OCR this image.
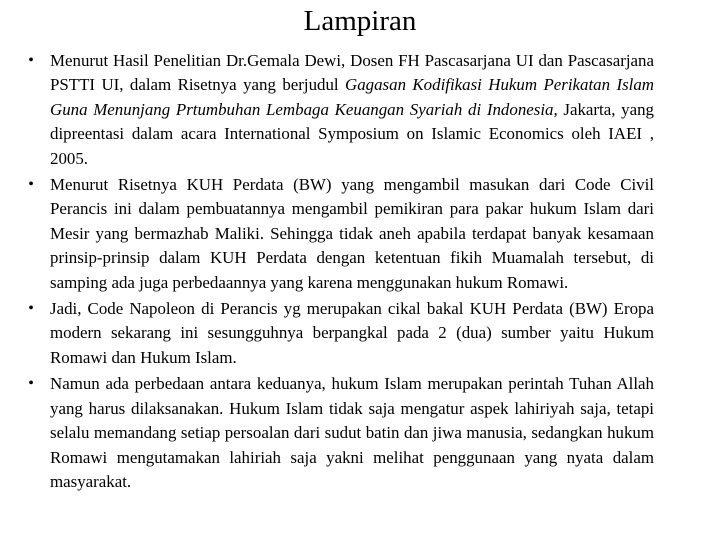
Lampiran
• Menurut Hasil Penelitian Dr.Gemala Dewi, Dosen FH Pascasarjana UI dan Pascasarjana PSTTI UI, dalam Risetnya yang berjudul Gagasan Kodifikasi Hukum Perikatan Islam Guna Menunjang Prtumbuhan Lembaga Keuangan Syariah di Indonesia, Jakarta, yang dipreentasi dalam acara International Symposium on Islamic Economics oleh IAEI , 2005.
• Menurut Risetnya KUH Perdata (BW) yang mengambil masukan dari Code Civil Perancis ini dalam pembuatannya mengambil pemikiran para pakar hukum Islam dari Mesir yang bermazhab Maliki. Sehingga tidak aneh apabila terdapat banyak kesamaan prinsip-prinsip dalam KUH Perdata dengan ketentuan fikih Muamalah tersebut, di samping ada juga perbedaannya yang karena menggunakan hukum Romawi.
• Jadi, Code Napoleon di Perancis yg merupakan cikal bakal KUH Perdata (BW) Eropa modern sekarang ini sesungguhnya berpangkal pada 2 (dua) sumber yaitu Hukum Romawi dan Hukum Islam.
• Namun ada perbedaan antara keduanya, hukum Islam merupakan perintah Tuhan Allah yang harus dilaksanakan. Hukum Islam tidak saja mengatur aspek lahiriyah saja, tetapi selalu memandang setiap persoalan dari sudut batin dan jiwa manusia, sedangkan hukum Romawi mengutamakan lahiriah saja yakni melihat penggunaan yang nyata dalam masyarakat.
